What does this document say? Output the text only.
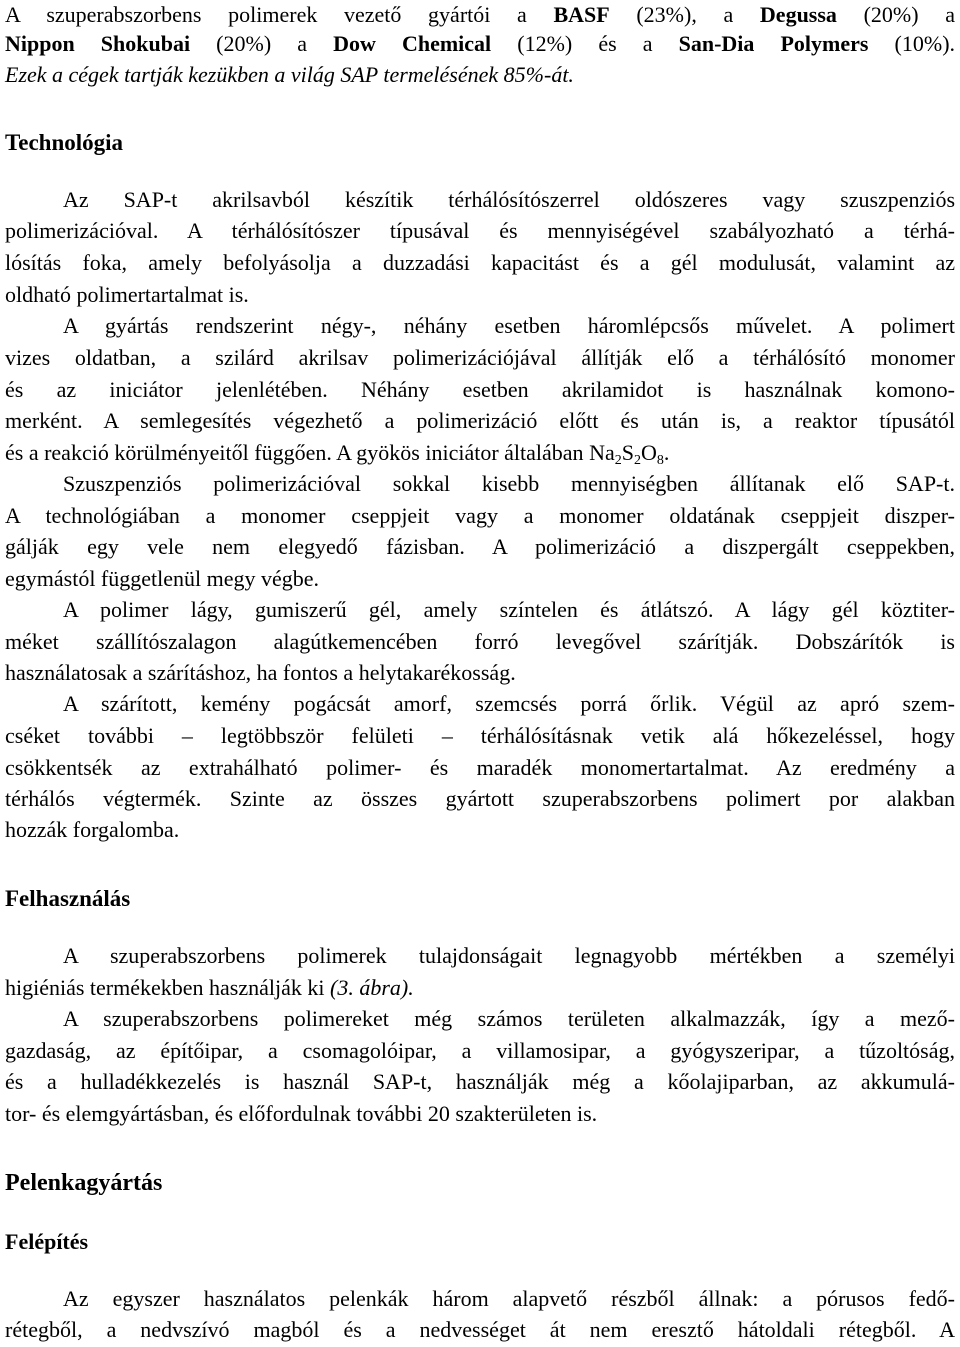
A szuperabszorbens polimerek vezető gyártói a BASF (23%), a Degussa (20%) a
Nippon Shokubai (20%) a Dow Chemical (12%) és a San-Dia Polymers (10%).
Ezek a cégek tartják kezükben a világ SAP termelésének 85%-át.
Technológia
Az SAP-t akrilsavból készítik térhálósítószerrel oldószeres vagy szuszpenziós
polimerizációval. A térhálósítószer típusával és mennyiségével szabályozható a térhá-
lósítás foka, amely befolyásolja a duzzadási kapacitást és a gél modulusát, valamint az
oldható polimertartalmat is.
A gyártás rendszerint négy-, néhány esetben háromlépcsős művelet. A polimert
vizes oldatban, a szilárd akrilsav polimerizációjával állítják elő a térhálósító monomer
és az iniciátor jelenlétében. Néhány esetben akrilamidot is használnak komono-
merként. A semlegesítés végezhető a polimerizáció előtt és után is, a reaktor típusától
és a reakció körülményeitől függően. A gyökös iniciátor általában $Na_2S_2O_8$.
Szuszpenziós polimerizációval sokkal kisebb mennyiségben állítanak elő SAP-t.
A technológiában a monomer cseppjeit vagy a monomer oldatának cseppjeit diszper-
gálják egy vele nem elegyedő fázisban. A polimerizáció a diszpergált cseppekben,
egymástól függetlenül megy végbe.
A polimer lágy, gumiszerű gél, amely színtelen és átlátszó. A lágy gél köztiter-
méket szállítószalagon alagútkemencében forró levegővel szárítják. Dobszárítók is
használatosak a szárításhoz, ha fontos a helytakarékosság.
A szárított, kemény pogácsát amorf, szemcsés porrá őrlik. Végül az apró szem-
cséket további – legtöbbször felületi – térhálósításnak vetik alá hőkezeléssel, hogy
csökkentsék az extrahálható polimer- és maradék monomertartalmat. Az eredmény a
térhálós végtermék. Szinte az összes gyártott szuperabszorbens polimert por alakban
hozzák forgalomba.
Felhasználás
A szuperabszorbens polimerek tulajdonságait legnagyobb mértékben a személyi
higiéniás termékekben használják ki (3. ábra).
A szuperabszorbens polimereket még számos területen alkalmazzák, így a mező-
gazdaság, az építőipar, a csomagolóipar, a villamosipar, a gyógyszeripar, a tűzoltóság,
és a hulladékkezelés is használ SAP-t, használják még a kőolajiparban, az akkumulá-
tor- és elemgyártásban, és előfordulnak további 20 szakterületen is.
Pelenkagyártás
Felépítés
Az egyszer használatos pelenkák három alapvető részből állnak: a pórusos fedő-
rétegből, a nedvszívó magból és a nedvességet át nem eresztő hátoldali rétegből. A
